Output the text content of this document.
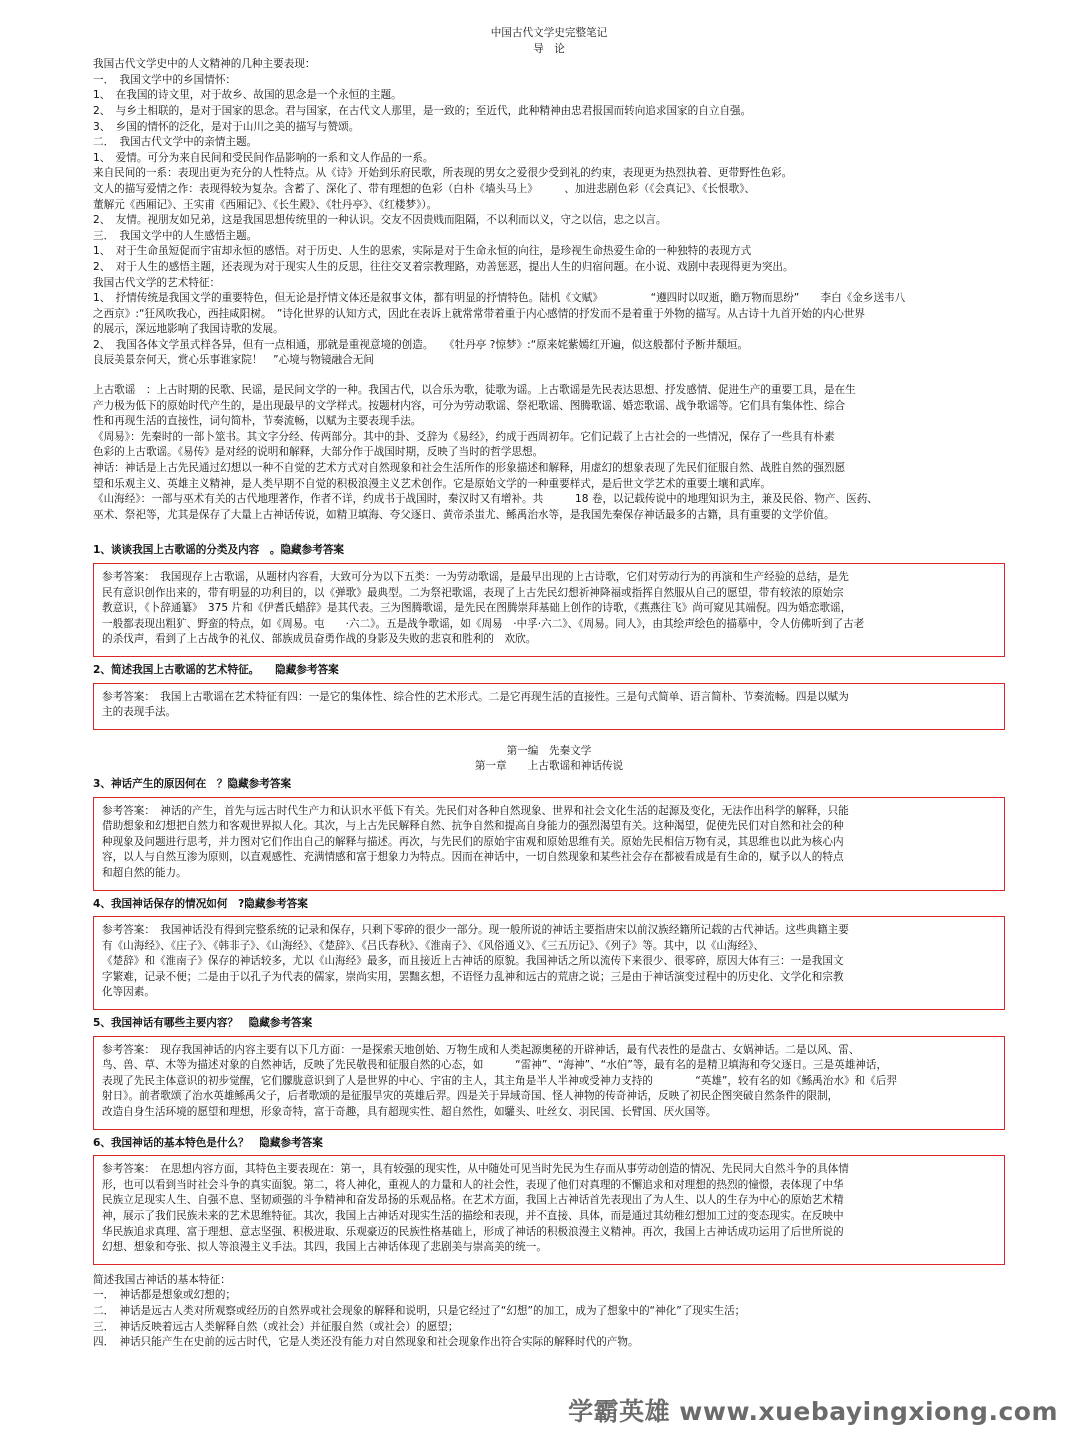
中国古代文学史完整笔记
导　论
我国古代文学史中的人文精神的几种主要表现：
一．　我国文学中的乡国情怀：
1、　在我国的诗文里，对于故乡、故国的思念是一个永恒的主题。
2、　与乡土相联的，是对于国家的思念。君与国家，在古代文人那里，是一致的；至近代，此种精神由忠君报国而转向追求国家的自立自强。
3、　乡国的情怀的泛化，是对于山川之美的描写与赞颂。
二．　我国古代文学中的亲情主题。
1、　爱情。可分为来自民间和受民间作品影响的一系和文人作品的一系。
来自民间的一系：表现出更为充分的人性特点。从《诗》开始到乐府民歌，所表现的男女之爱很少受到礼的约束，表现更为热烈执着、更带野性色彩。
文人的描写爱情之作：表现得较为复杂。含蓄了、深化了、带有理想的色彩（白朴《墙头马上》　　　、加进悲剧色彩（《会真记》、《长恨歌》、
董解元《西厢记》、王实甫《西厢记》、《长生殿》、《牡丹亭》、《红楼梦》）。
2、　友情。视朋友如兄弟，这是我国思想传统里的一种认识。交友不因贵贱而阻隔，不以利而以义，守之以信，忠之以言。
三．　我国文学中的人生感悟主题。
1、　对于生命虽短促而宇宙却永恒的感悟。对于历史、人生的思索，实际是对于生命永恒的向往，是珍视生命热爱生命的一种独特的表现方式
2、　对于人生的感悟主题，还表现为对于现实人生的反思，往往交叉着宗教理路，劝善惩恶，提出人生的归宿问题。在小说、戏剧中表现得更为突出。
我国古代文学的艺术特征：
1、　抒情传统是我国文学的重要特色，但无论是抒情文体还是叙事文体，都有明显的抒情特色。陆机《文赋》　　　　　“遵四时以叹逝，瞻万物而思纷”　　李白《金乡送韦八
之西京》:“狂风吹我心，西挂咸阳树。　”诗化世界的认知方式，因此在表诉上就常常带着重于内心感情的抒发而不是着重于外物的描写。从古诗十九首开始的内心世界
的展示，深远地影响了我国诗歌的发展。
2、　我国各体文学虽式样各异，但有一点相通，那就是重视意境的创造。　　《牡丹亭 ?惊梦》:“原来姹紫嫣红开遍，似这般都付予断井颓垣。
良辰美景奈何天，赏心乐事谁家院！　”心境与物镜融合无间
上古歌谣　：上古时期的民歌、民谣，是民间文学的一种。我国古代，以合乐为歌，徒歌为谣。上古歌谣是先民表达思想、抒发感情、促进生产的重要工具，是在生
产力极为低下的原始时代产生的，是出现最早的文学样式。按题材内容，可分为劳动歌谣、祭祀歌谣、图腾歌谣、婚恋歌谣、战争歌谣等。它们具有集体性、综合
性和再现生活的直接性，词句简朴，节奏流畅，以赋为主要表现手法。
《周易》：先秦时的一部卜筮书。其文字分经、传两部分。其中的卦、爻辞为《易经》，约成于西周初年。它们记载了上古社会的一些情况，保存了一些具有朴素
色彩的上古歌谣。《易传》是对经的说明和解释，大部分作于战国时期，反映了当时的哲学思想。
神话：神话是上古先民通过幻想以一种不自觉的艺术方式对自然现象和社会生活所作的形象描述和解释，用虚幻的想象表现了先民们征服自然、战胜自然的强烈愿
望和乐观主义、英雄主义精神，是人类早期不自觉的积极浪漫主义艺术创作。它是原始文学的一种重要样式，是后世文学艺术的重要土壤和武库。
《山海经》：一部与巫术有关的古代地理著作，作者不详，约成书于战国时，秦汉时又有增补。共　　　18 卷，以记载传说中的地理知识为主，兼及民俗、物产、医药、
巫术、祭祀等，尤其是保存了大量上古神话传说，如精卫填海、夸父逐日、黄帝杀蚩尤、鲧禹治水等，是我国先秦保存神话最多的古籍，具有重要的文学价值。
1、谈谈我国上古歌谣的分类及内容　。隐藏参考答案
参考答案：　我国现存上古歌谣，从题材内容看，大致可分为以下五类：一为劳动歌谣，是最早出现的上古诗歌，它们对劳动行为的再演和生产经验的总结，是先
民有意识创作出来的，带有明显的功利目的，以《弹歌》最典型。二为祭祀歌谣，表现了上古先民幻想祈神降福或指挥自然服从自己的愿望，带有较浓的原始宗
教意识，《卜辞通纂》　375 片和《伊耆氏蜡辞》是其代表。三为图腾歌谣，是先民在图腾崇拜基础上创作的诗歌，《燕燕往飞》尚可窥见其端倪。四为婚恋歌谣，
一般都表现出粗犷、野蛮的特点，如《周易。屯　　·六二》。五是战争歌谣，如《周易　·中孚·六二》、《周易。同人》，由其绘声绘色的描摹中，令人仿佛听到了古老
的杀伐声，看到了上古战争的礼仪、部族成员奋勇作战的身影及失败的悲哀和胜利的　欢欣。
2、简述我国上古歌谣的艺术特征。　　隐藏参考答案
参考答案：　我国上古歌谣在艺术特征有四：一是它的集体性、综合性的艺术形式。二是它再现生活的直接性。三是句式简单、语言简朴、节奏流畅。四是以赋为
主的表现手法。
第一编　先秦文学
第一章　　上古歌谣和神话传说
3、神话产生的原因何在　？隐藏参考答案
参考答案：　神话的产生，首先与远古时代生产力和认识水平低下有关。先民们对各种自然现象、世界和社会文化生活的起源及变化，无法作出科学的解释，只能
借助想象和幻想把自然力和客观世界拟人化。其次，与上古先民解释自然、抗争自然和提高自身能力的强烈渴望有关。这种渴望，促使先民们对自然和社会的种
种现象及问题进行思考，并力图对它们作出自己的解释与描述。再次，与先民们的原始宇宙观和原始思维有关。原始先民相信万物有灵，其思维也以此为核心内
容，以人与自然互渗为原则，以直观感性、充满情感和富于想象力为特点。因而在神话中，一切自然现象和某些社会存在都被看成是有生命的，赋予以人的特点
和超自然的能力。
4、我国神话保存的情况如何　?隐藏参考答案
参考答案：　我国神话没有得到完整系统的记录和保存，只剩下零碎的很少一部分。现一般所说的神话主要指唐宋以前汉族经籍所记载的古代神话。这些典籍主要
有《山海经》、《庄子》、《韩非子》、《山海经》、《楚辞》、《吕氏春秋》、《淮南子》、《风俗通义》、《三五历记》、《列子》等。其中，以《山海经》、
《楚辞》和《淮南子》保存的神话较多，尤以《山海经》最多，而且接近上古神话的原貌。我国神话之所以流传下来很少、很零碎，原因大体有三：一是我国文
字繁难，记录不便；二是由于以孔子为代表的儒家，崇尚实用，罢黜玄想，不语怪力乱神和远古的荒唐之说；三是由于神话演变过程中的历史化、文学化和宗教
化等因素。
5、我国神话有哪些主要内容？　隐藏参考答案
参考答案：　现存我国神话的内容主要有以下几方面：一是探索天地创始、万物生成和人类起源奥秘的开辟神话，最有代表性的是盘古、女娲神话。二是以风、雷、
鸟、兽、草、木等为描述对象的自然神话，反映了先民敬畏和征服自然的心态，如　　　“雷神”、“海神”、“水伯”等，最有名的是精卫填海和夸父逐日。三是英雄神话，
表现了先民主体意识的初步觉醒，它们朦胧意识到了人是世界的中心、宇宙的主人，其主角是半人半神或受神力支持的　　　　“英雄”，较有名的如《鲧禹治水》和《后羿
射日》。前者歌颂了治水英雄鲧禹父子，后者歌颂的是征服旱灾的英雄后羿。四是关于异域奇国、怪人神物的传奇神话，反映了初民企图突破自然条件的限制，
改造自身生活环境的愿望和理想，形象奇特，富于奇趣，具有超现实性、超自然性，如驩头、吐丝女、羽民国、长臂国、厌火国等。
6、我国神话的基本特色是什么？　隐藏参考答案
参考答案：　在思想内容方面，其特色主要表现在：第一，具有较强的现实性，从中随处可见当时先民为生存而从事劳动创造的情况、先民同大自然斗争的具体情
形，也可以看到当时社会斗争的真实面貌。第二，将人神化，重视人的力量和人的社会性，表现了他们对真理的不懈追求和对理想的热烈的憧憬，表体现了中华
民族立足现实人生、自强不息、坚韧顽强的斗争精神和奋发昂扬的乐观品格。在艺术方面，我国上古神话首先表现出了为人生、以人的生存为中心的原始艺术精
神，展示了我们民族未来的艺术思维特征。其次，我国上古神话对现实生活的描绘和表现，并不直接、具体，而是通过其幼稚幻想加工过的变态现实。在反映中
华民族追求真理、富于理想、意志坚强、积极进取、乐观豪迈的民族性格基础上，形成了神话的积极浪漫主义精神。再次，我国上古神话成功运用了后世所说的
幻想、想象和夸张、拟人等浪漫主义手法。其四，我国上古神话体现了悲剧美与崇高美的统一。
简述我国古神话的基本特征：
一．　神话都是想象或幻想的；
二．　神话是远古人类对所观察或经历的自然界或社会现象的解释和说明，只是它经过了“幻想”的加工，成为了想象中的“神化”了现实生活；
三．　神话反映着远古人类解释自然（或社会）并征服自然（或社会）的愿望；
四．　神话只能产生在史前的远古时代，它是人类还没有能力对自然现象和社会现象作出符合实际的解释时代的产物。
学霸英雄 www.xuebayingxiong.com
